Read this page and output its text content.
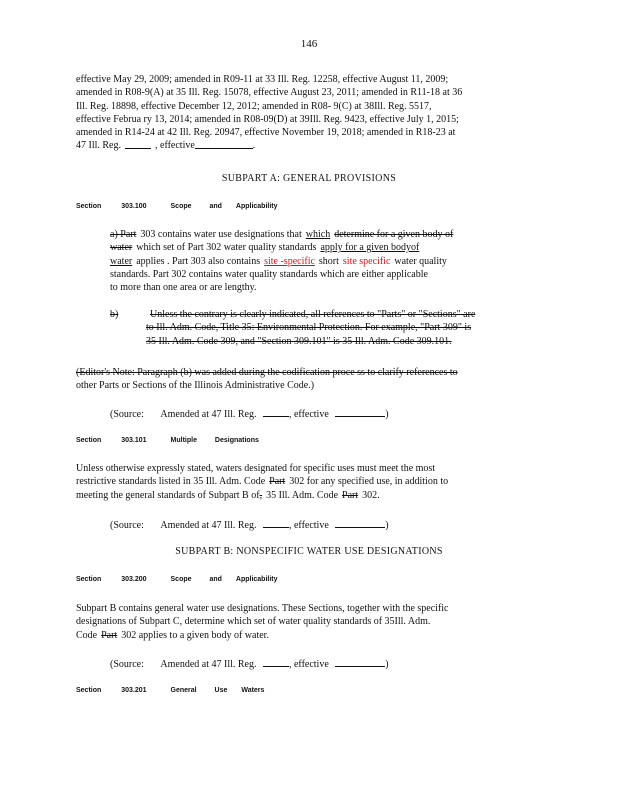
146
effective May 29, 2009; amended in R09-11 at 33 Ill. Reg. 12258, effective August 11, 2009;
amended in R08-9(A) at 35 Ill. Reg. 15078, effective August 23, 2011; amended in R11-18 at 36
Ill. Reg. 18898, effective December 12, 2012; amended in R08- 9(C) at 38Ill. Reg. 5517,
effective Februa ry 13, 2014; amended in R08-09(D) at 39Ill. Reg. 9423, effective July 1, 2015;
amended in R14-24 at 42 Ill. Reg. 20947, effective November 19, 2018; amended in R18-23 at
47 Ill. Reg.	, effective	.
SUBPART A: GENERAL PROVISIONS
Section	303.100	Scope	and Applicability
a) Part 303 contains water use designations that which determine for a given body of
water which set of Part 302 water quality standards apply for a given bodyof
water applies . Part 303 also contains site -specific short site specific water quality
standards. Part 302 contains water quality standards which are either applicable
to more than one area or are lengthy.
b)	Unless the contrary is clearly indicated, all references to "Parts" or "Sections" are
to Ill. Adm. Code, Title 35: Environmental Protection. For example, "Part 309" is
35 Ill. Adm. Code 309, and "Section 309.101" is 35 Ill. Adm. Code 309.101.
(Editor's Note: Paragraph (b) was added during the codification proce ss to clarify references to
other Parts or Sections of the Illinois Administrative Code.)
(Source: Amended at 47 Ill. Reg.	, effective	)
Section	303.101	Multiple	Designations
Unless otherwise expressly stated, waters designated for specific uses must meet the most
restrictive standards listed in 35 Ill. Adm. Code Part 302 for any specified use, in addition to
meeting the general standards of Subpart B of , 35 Ill. Adm. Code Part 302.
(Source: Amended at 47 Ill. Reg.	, effective	)
SUBPART B: NONSPECIFIC WATER USE DESIGNATIONS
Section	303.200	Scope	and Applicability
Subpart B contains general water use designations. These Sections, together with the specific
designations of Subpart C, determine which set of water quality standards of 35Ill. Adm.
Code Part 302 applies to a given body of water.
(Source: Amended at 47 Ill. Reg.	, effective	)
Section	303.201	General	Use Waters
